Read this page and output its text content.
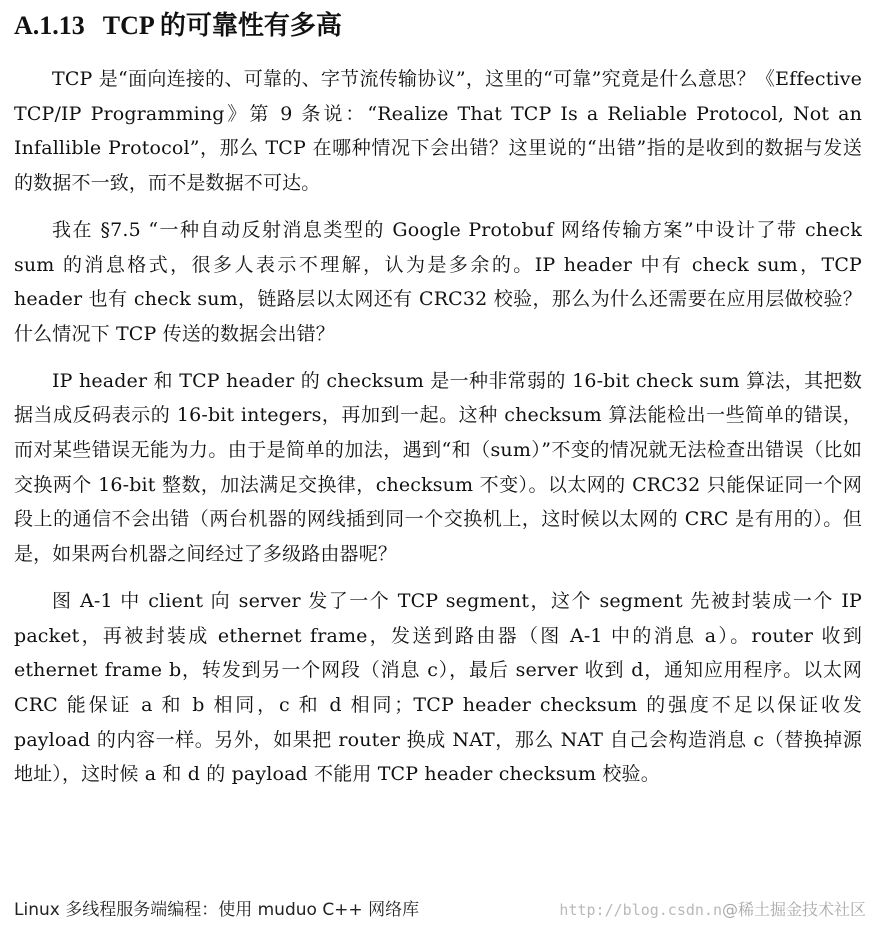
A.1.13 TCP 的可靠性有多高

TCP 是“面向连接的、可靠的、字节流传输协议”，这里的“可靠”究竟是什么意思？《Effective TCP/IP Programming》第 9 条说：“Realize That TCP Is a Reliable Protocol, Not an Infallible Protocol”，那么 TCP 在哪种情况下会出错？这里说的“出错”指的是收到的数据与发送的数据不一致，而不是数据不可达。

我在 §7.5 “一种自动反射消息类型的 Google Protobuf 网络传输方案”中设计了带 check sum 的消息格式，很多人表示不理解，认为是多余的。IP header 中有 check sum，TCP header 也有 check sum，链路层以太网还有 CRC32 校验，那么为什么还需要在应用层做校验？什么情况下 TCP 传送的数据会出错？

IP header 和 TCP header 的 checksum 是一种非常弱的 16-bit check sum 算法，其把数据当成反码表示的 16-bit integers，再加到一起。这种 checksum 算法能检出一些简单的错误，而对某些错误无能为力。由于是简单的加法，遇到“和（sum）”不变的情况就无法检查出错误（比如交换两个 16-bit 整数，加法满足交换律，checksum 不变）。以太网的 CRC32 只能保证同一个网段上的通信不会出错（两台机器的网线插到同一个交换机上，这时候以太网的 CRC 是有用的）。但是，如果两台机器之间经过了多级路由器呢？

图 A-1 中 client 向 server 发了一个 TCP segment，这个 segment 先被封装成一个 IP packet，再被封装成 ethernet frame，发送到路由器（图 A-1 中的消息 a）。router 收到 ethernet frame b，转发到另一个网段（消息 c），最后 server 收到 d，通知应用程序。以太网 CRC 能保证 a 和 b 相同，c 和 d 相同；TCP header checksum 的强度不足以保证收发 payload 的内容一样。另外，如果把 router 换成 NAT，那么 NAT 自己会构造消息 c（替换掉源地址），这时候 a 和 d 的 payload 不能用 TCP header checksum 校验。

Linux 多线程服务端编程：使用 muduo C++ 网络库	http://blog.csdn.n@稀土掘金技术社区
